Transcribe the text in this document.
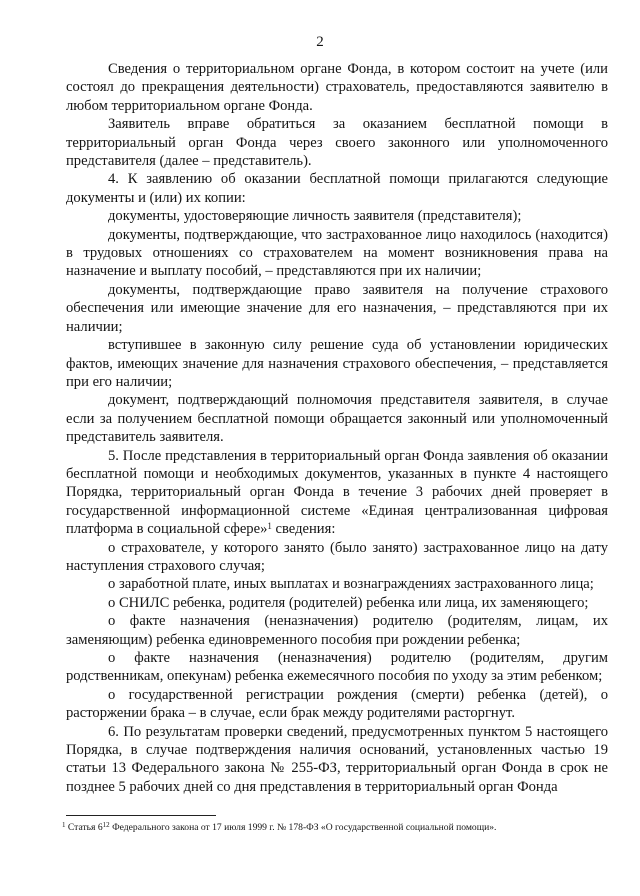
2

Сведения о территориальном органе Фонда, в котором состоит на учете (или состоял до прекращения деятельности) страхователь, предоставляются заявителю в любом территориальном органе Фонда.

Заявитель вправе обратиться за оказанием бесплатной помощи в территориальный орган Фонда через своего законного или уполномоченного представителя (далее – представитель).

4. К заявлению об оказании бесплатной помощи прилагаются следующие документы и (или) их копии:

документы, удостоверяющие личность заявителя (представителя);

документы, подтверждающие, что застрахованное лицо находилось (находится) в трудовых отношениях со страхователем на момент возникновения права на назначение и выплату пособий, – представляются при их наличии;

документы, подтверждающие право заявителя на получение страхового обеспечения или имеющие значение для его назначения, – представляются при их наличии;

вступившее в законную силу решение суда об установлении юридических фактов, имеющих значение для назначения страхового обеспечения, – представляется при его наличии;

документ, подтверждающий полномочия представителя заявителя, в случае если за получением бесплатной помощи обращается законный или уполномоченный представитель заявителя.

5. После представления в территориальный орган Фонда заявления об оказании бесплатной помощи и необходимых документов, указанных в пункте 4 настоящего Порядка, территориальный орган Фонда в течение 3 рабочих дней проверяет в государственной информационной системе «Единая централизованная цифровая платформа в социальной сфере»$^1$ сведения:

о страхователе, у которого занято (было занято) застрахованное лицо на дату наступления страхового случая;

о заработной плате, иных выплатах и вознаграждениях застрахованного лица;

о СНИЛС ребенка, родителя (родителей) ребенка или лица, их заменяющего;

о факте назначения (неназначения) родителю (родителям, лицам, их заменяющим) ребенка единовременного пособия при рождении ребенка;

о факте назначения (неназначения) родителю (родителям, другим родственникам, опекунам) ребенка ежемесячного пособия по уходу за этим ребенком;

о государственной регистрации рождения (смерти) ребенка (детей), о расторжении брака – в случае, если брак между родителями расторгнут.

6. По результатам проверки сведений, предусмотренных пунктом 5 настоящего Порядка, в случае подтверждения наличия оснований, установленных частью 19 статьи 13 Федерального закона № 255-ФЗ, территориальный орган Фонда в срок не позднее 5 рабочих дней со дня представления в территориальный орган Фонда

$^1$ Статья $6^{12}$ Федерального закона от 17 июля 1999 г. № 178-ФЗ «О государственной социальной помощи».
